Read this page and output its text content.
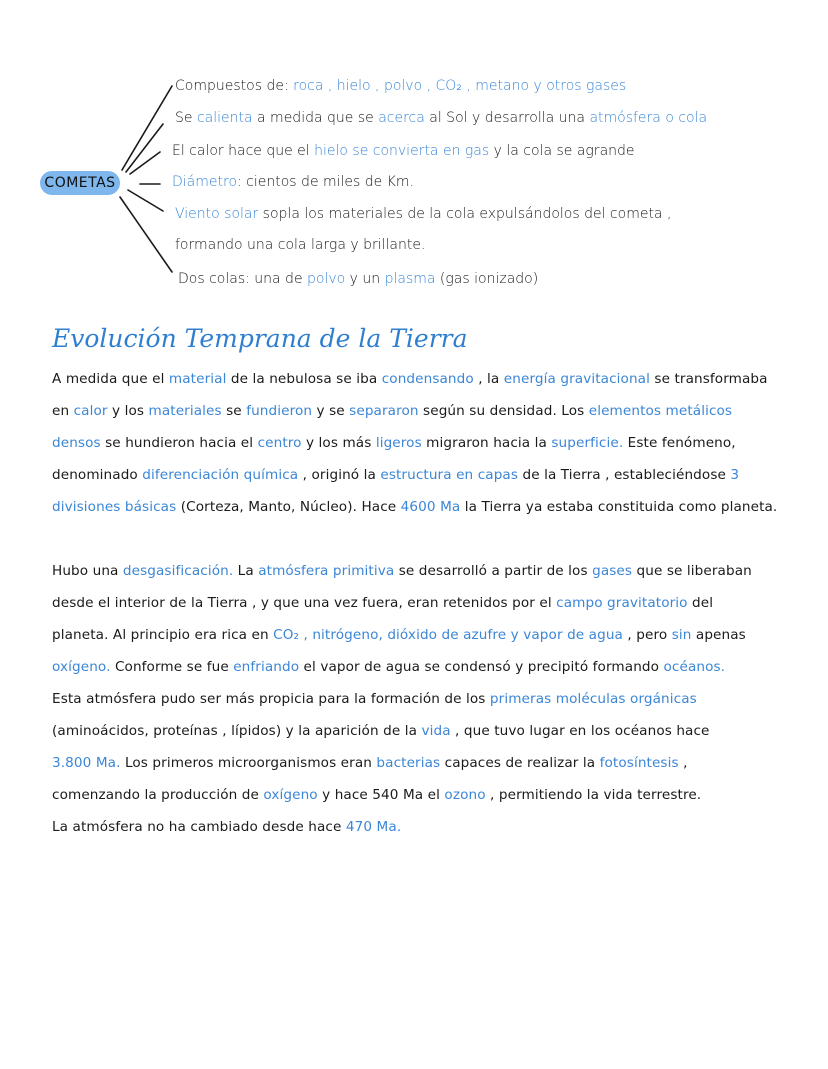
COMETAS
Compuestos de: roca , hielo , polvo , CO₂ , metano y otros gases
Se calienta a medida que se acerca al Sol y desarrolla una atmósfera o cola
El calor hace que el hielo se convierta en gas y la cola se agrande
Diámetro: cientos de miles de Km.
Viento solar sopla los materiales de la cola expulsándolos del cometa ,
formando una cola larga y brillante.
Dos colas: una de polvo y un plasma (gas ionizado)
Evolución Temprana de la Tierra
A medida que el material de la nebulosa se iba condensando , la energía gravitacional se transformaba
en calor y los materiales se fundieron y se separaron según su densidad. Los elementos metálicos
densos se hundieron hacia el centro y los más ligeros migraron hacia la superficie. Este fenómeno,
denominado diferenciación química , originó la estructura en capas de la Tierra , estableciéndose 3
divisiones básicas (Corteza, Manto, Núcleo). Hace 4600 Ma la Tierra ya estaba constituida como planeta.
Hubo una desgasificación. La atmósfera primitiva se desarrolló a partir de los gases que se liberaban
desde el interior de la Tierra , y que una vez fuera, eran retenidos por el campo gravitatorio del
planeta. Al principio era rica en CO₂ , nitrógeno, dióxido de azufre y vapor de agua , pero sin apenas
oxígeno. Conforme se fue enfriando el vapor de agua se condensó y precipitó formando océanos.
Esta atmósfera pudo ser más propicia para la formación de los primeras moléculas orgánicas
(aminoácidos, proteínas , lípidos) y la aparición de la vida , que tuvo lugar en los océanos hace
3.800 Ma. Los primeros microorganismos eran bacterias capaces de realizar la fotosíntesis ,
comenzando la producción de oxígeno y hace 540 Ma el ozono , permitiendo la vida terrestre.
La atmósfera no ha cambiado desde hace 470 Ma.
